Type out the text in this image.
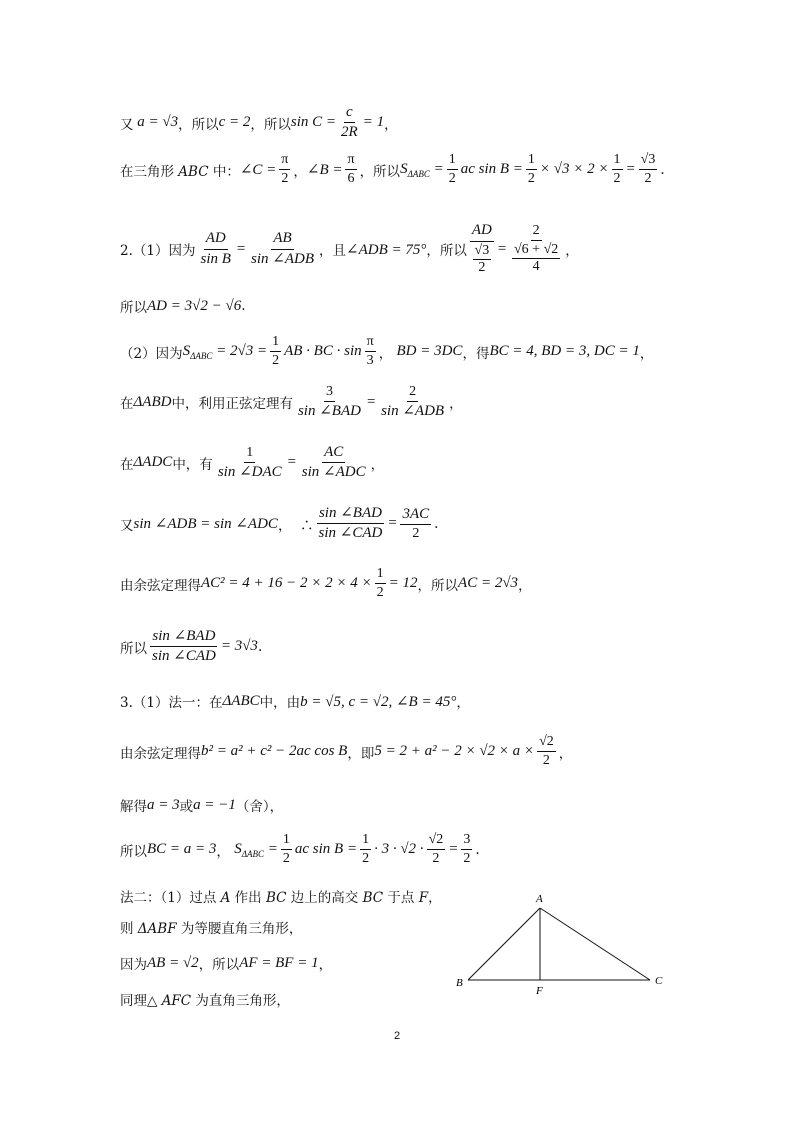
又 a = √3 ，所以 c = 2 ，所以 $\sin C = \frac{c}{2R} = 1$ ，
在三角形 ABC 中： ∠C = $\frac{\pi}{2}$ ， ∠B = $\frac{\pi}{6}$ ，所以 $S_{\Delta ABC} = \frac{1}{2}$ ac $\sin B = \frac{1}{2} \times √3 \times 2 \times \frac{1}{2} = \frac{√3}{2}$ .
2.（1）因为 $\frac{AD}{\text{sin B}} = \frac{AB}{\text{sin ∠ADB}}$ ，且 ∠ADB = 75° ，所以 AD
√3
2 = 2
√6 + √2
4 ，
所以 AD = 3√2 − √6 .
（2）因为 $S_{\Delta ABC} = 2√3 = \frac{1}{2}$ AB · BC · $\sin \frac{\pi}{3}$ ， BD = 3DC ，得 BC = 4, BD = 3, DC = 1 ，
在 ΔABD 中，利用正弦定理有 $\frac{3}{\text{sin ∠BAD}} = \frac{2}{\text{sin ∠ADB}}$ ，
在 ΔADC 中，有 $\frac{1}{\text{sin ∠DAC}} = \frac{AC}{\text{sin ∠ADC}}$ ，
又 sin ∠ADB = sin ∠ADC ，  ∴ $\frac{\text{sin ∠BAD}}{\text{sin ∠CAD}} = \frac{3AC}{2}$ .
由余弦定理得 $AC^2 = 4 + 16 - 2 \times 2 \times 4 \times \frac{1}{2} = 12$ ，所以 AC = 2√3 ，
所以 $\frac{\text{sin ∠BAD}}{\text{sin ∠CAD}} = 3√3$ .
3.（1）法一：在 ΔABC 中，由 b = √5, c = √2, ∠B = 45° ，
由余弦定理得 b² = a² + c² − 2ac cos B ，即 $5 = 2 + a^2 - 2 \times √2 \times a \times \frac{√2}{2}$ ，
解得 a = 3 或 a = −1 （舍），
所以 BC = a = 3 ， $S_{\Delta ABC} = \frac{1}{2}$ ac $\sin B = \frac{1}{2} \cdot 3 \cdot √2 \cdot \frac{√2}{2} = \frac{3}{2}$ .
法二：（1）过点 A 作出 BC 边上的高交 BC 于点 F，
则 ΔABF 为等腰直角三角形，
因为 AB = √2 ，所以 AF = BF = 1 ，
同理△ AFC 为直角三角形，
A
B	C
F
2
